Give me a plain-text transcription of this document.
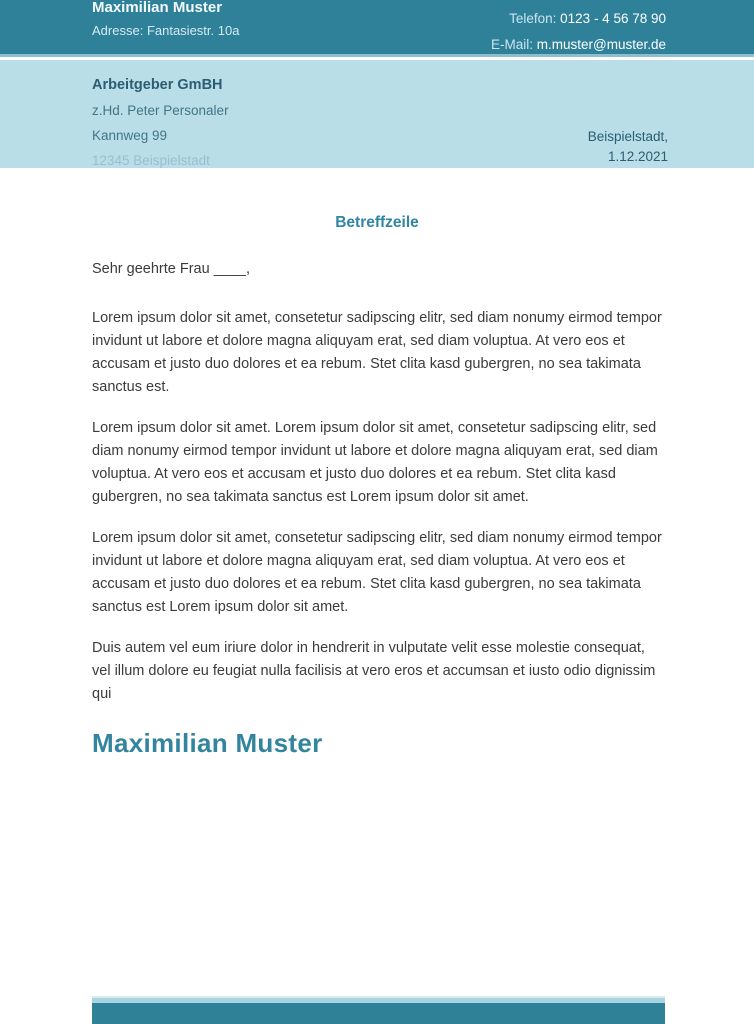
Maximilian Muster
Adresse: Fantasiestr. 10a
Telefon: 0123 - 4 56 78 90
E-Mail: m.muster@muster.de
Arbeitgeber GmBH
z.Hd. Peter Personaler
Kannweg 99
12345 Beispielstadt
Beispielstadt,
1.12.2021
Betreffzeile
Sehr geehrte Frau ____,

Lorem ipsum dolor sit amet, consetetur sadipscing elitr, sed diam nonumy eirmod tempor invidunt ut labore et dolore magna aliquyam erat, sed diam voluptua. At vero eos et accusam et justo duo dolores et ea rebum. Stet clita kasd gubergren, no sea takimata sanctus est.

Lorem ipsum dolor sit amet. Lorem ipsum dolor sit amet, consetetur sadipscing elitr, sed diam nonumy eirmod tempor invidunt ut labore et dolore magna aliquyam erat, sed diam voluptua. At vero eos et accusam et justo duo dolores et ea rebum. Stet clita kasd gubergren, no sea takimata sanctus est Lorem ipsum dolor sit amet.

Lorem ipsum dolor sit amet, consetetur sadipscing elitr, sed diam nonumy eirmod tempor invidunt ut labore et dolore magna aliquyam erat, sed diam voluptua. At vero eos et accusam et justo duo dolores et ea rebum. Stet clita kasd gubergren, no sea takimata sanctus est Lorem ipsum dolor sit amet.

Duis autem vel eum iriure dolor in hendrerit in vulputate velit esse molestie consequat, vel illum dolore eu feugiat nulla facilisis at vero eros et accumsan et iusto odio dignissim qui

Maximilian Muster
